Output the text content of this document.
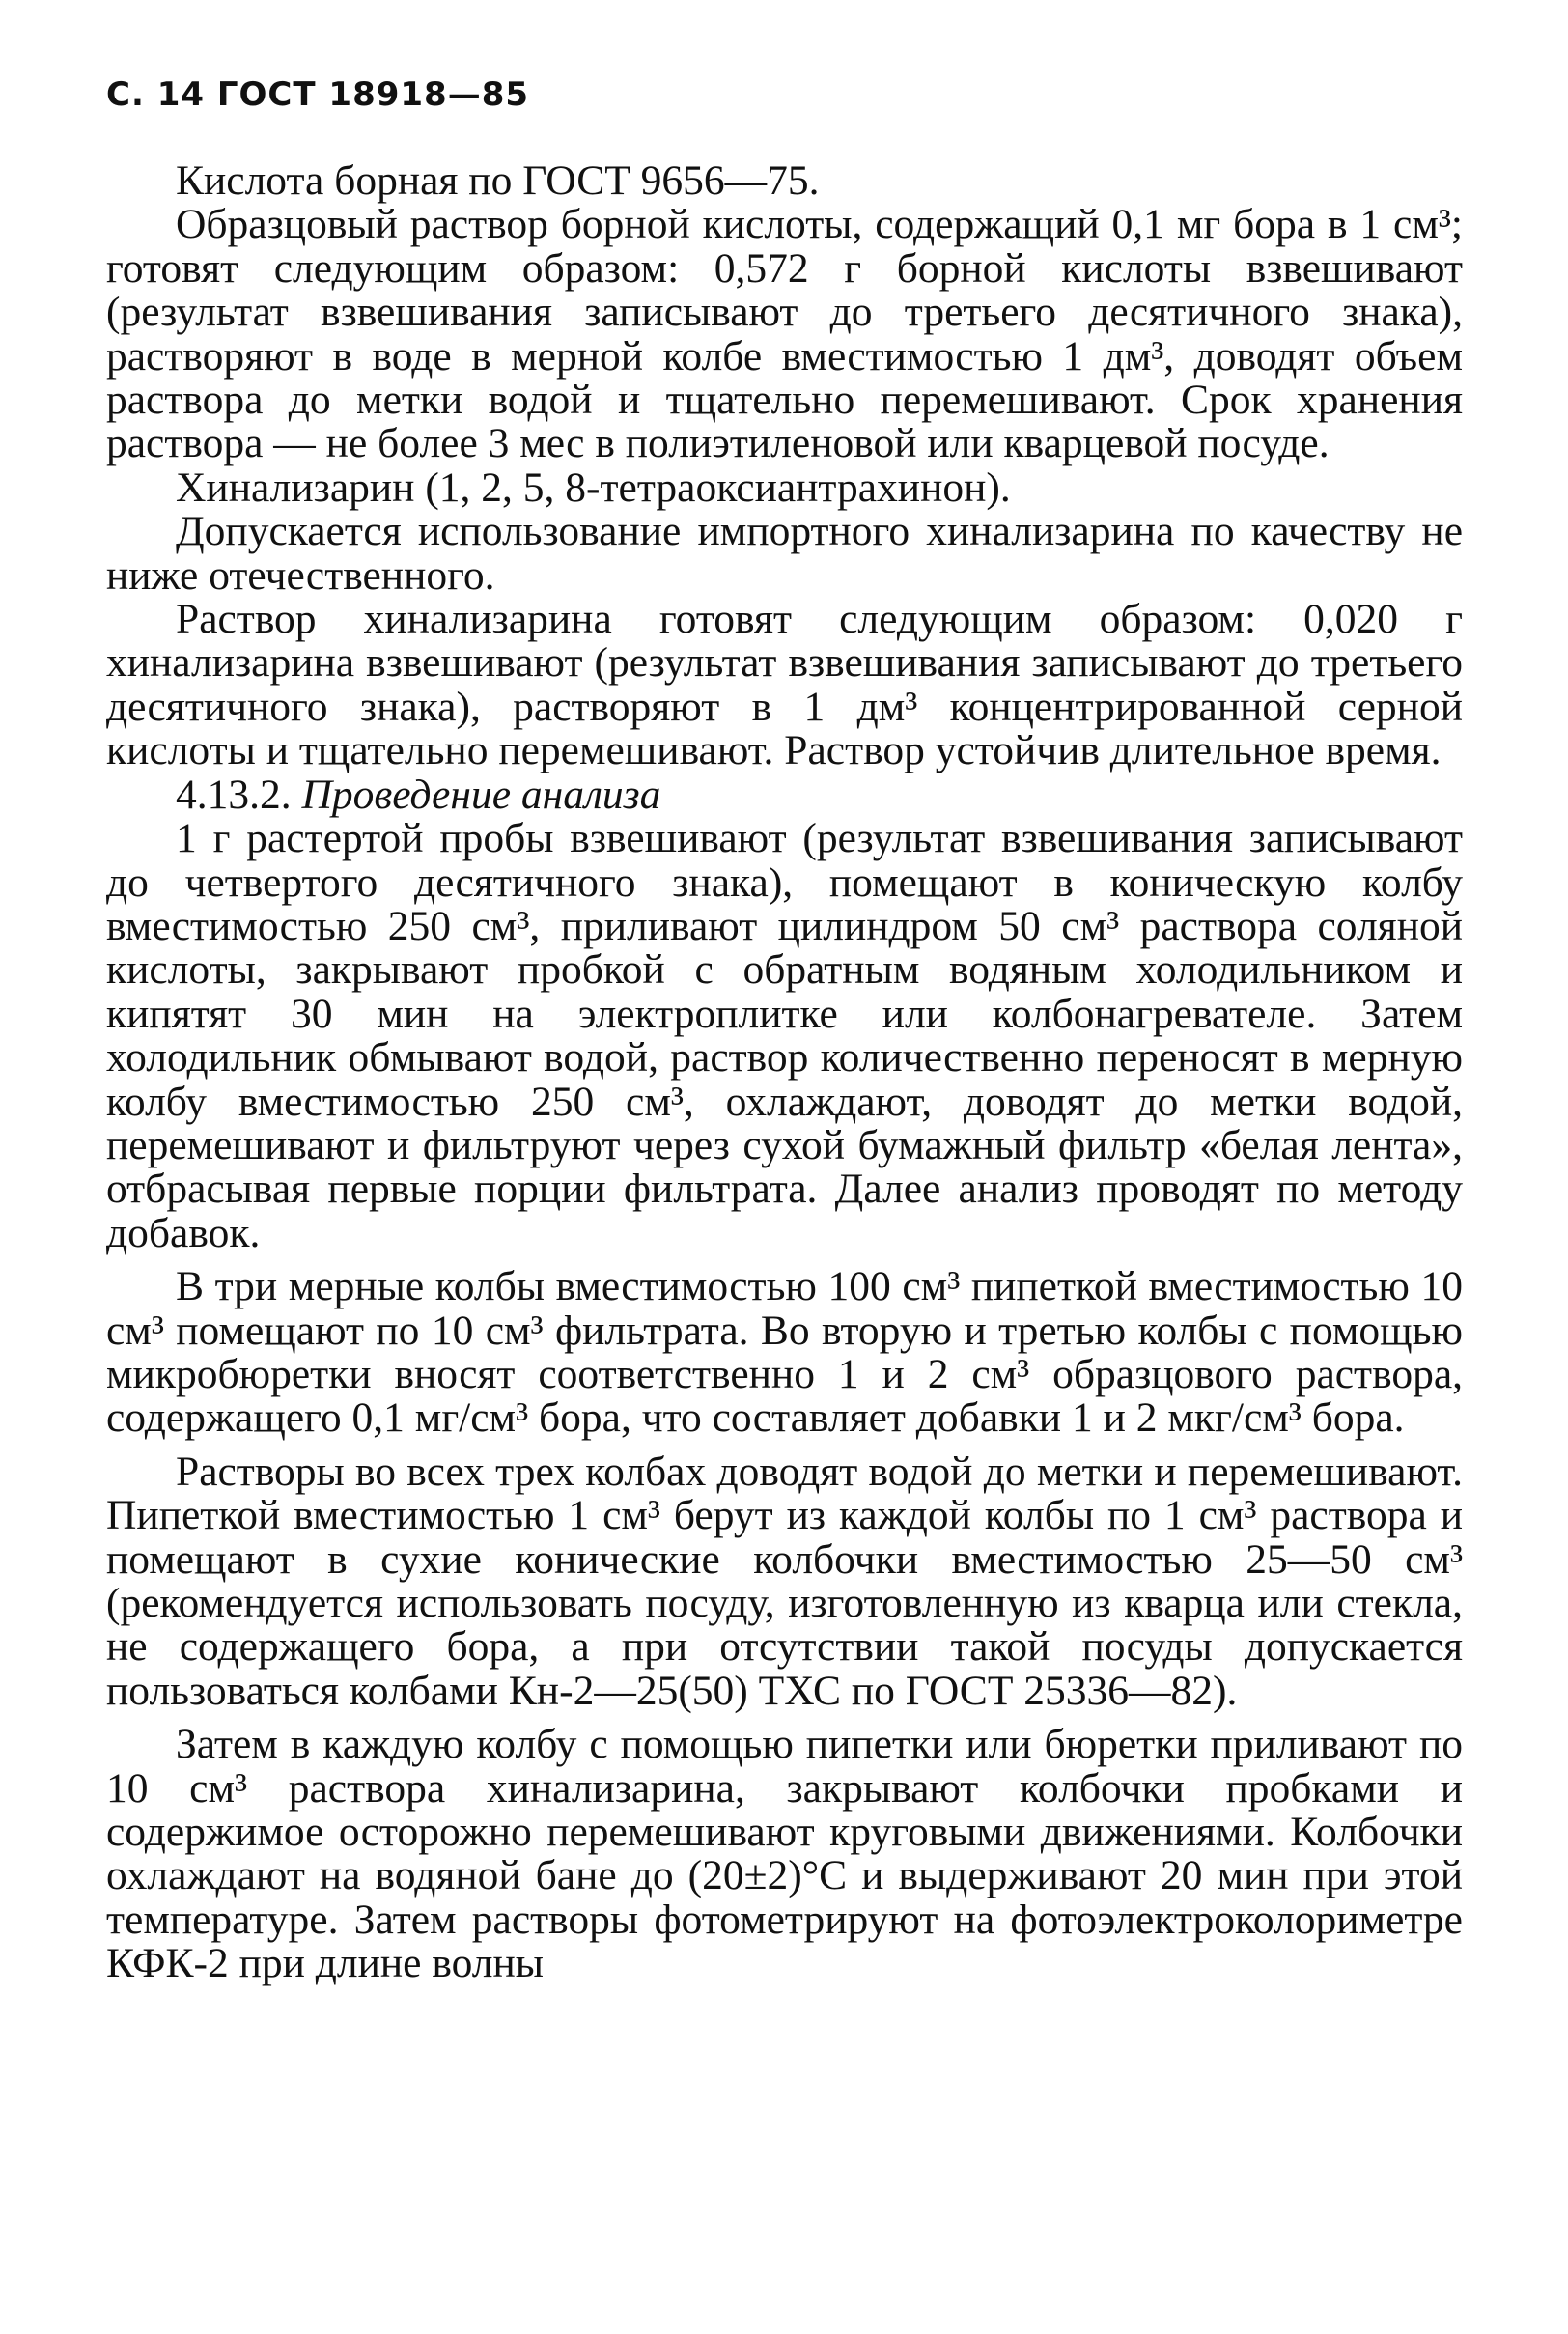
С. 14 ГОСТ 18918—85

Кислота борная по ГОСТ 9656—75.

Образцовый раствор борной кислоты, содержащий 0,1 мг бора в 1 см³; готовят следующим образом: 0,572 г борной кислоты взвешивают (результат взвешивания записывают до третьего десятичного знака), растворяют в воде в мерной колбе вместимостью 1 дм³, доводят объем раствора до метки водой и тщательно перемешивают. Срок хранения раствора — не более 3 мес в полиэтиленовой или кварцевой посуде.

Хинализарин (1, 2, 5, 8-тетраоксиантрахинон).

Допускается использование импортного хинализарина по качеству не ниже отечественного.

Раствор хинализарина готовят следующим образом: 0,020 г хинализарина взвешивают (результат взвешивания записывают до третьего десятичного знака), растворяют в 1 дм³ концентрированной серной кислоты и тщательно перемешивают. Раствор устойчив длительное время.

4.13.2. Проведение анализа

1 г растертой пробы взвешивают (результат взвешивания записывают до четвертого десятичного знака), помещают в коническую колбу вместимостью 250 см³, приливают цилиндром 50 см³ раствора соляной кислоты, закрывают пробкой с обратным водяным холодильником и кипятят 30 мин на электроплитке или колбонагревателе. Затем холодильник обмывают водой, раствор количественно переносят в мерную колбу вместимостью 250 см³, охлаждают, доводят до метки водой, перемешивают и фильтруют через сухой бумажный фильтр «белая лента», отбрасывая первые порции фильтрата. Далее анализ проводят по методу добавок.

В три мерные колбы вместимостью 100 см³ пипеткой вместимостью 10 см³ помещают по 10 см³ фильтрата. Во вторую и третью колбы с помощью микробюретки вносят соответственно 1 и 2 см³ образцового раствора, содержащего 0,1 мг/см³ бора, что составляет добавки 1 и 2 мкг/см³ бора.

Растворы во всех трех колбах доводят водой до метки и перемешивают. Пипеткой вместимостью 1 см³ берут из каждой колбы по 1 см³ раствора и помещают в сухие конические колбочки вместимостью 25—50 см³ (рекомендуется использовать посуду, изготовленную из кварца или стекла, не содержащего бора, а при отсутствии такой посуды допускается пользоваться колбами Кн-2—25(50) ТХС по ГОСТ 25336—82).

Затем в каждую колбу с помощью пипетки или бюретки приливают по 10 см³ раствора хинализарина, закрывают колбочки пробками и содержимое осторожно перемешивают круговыми движениями. Колбочки охлаждают на водяной бане до (20±2)°С и выдерживают 20 мин при этой температуре. Затем растворы фотометрируют на фотоэлектроколориметре КФК-2 при длине волны
